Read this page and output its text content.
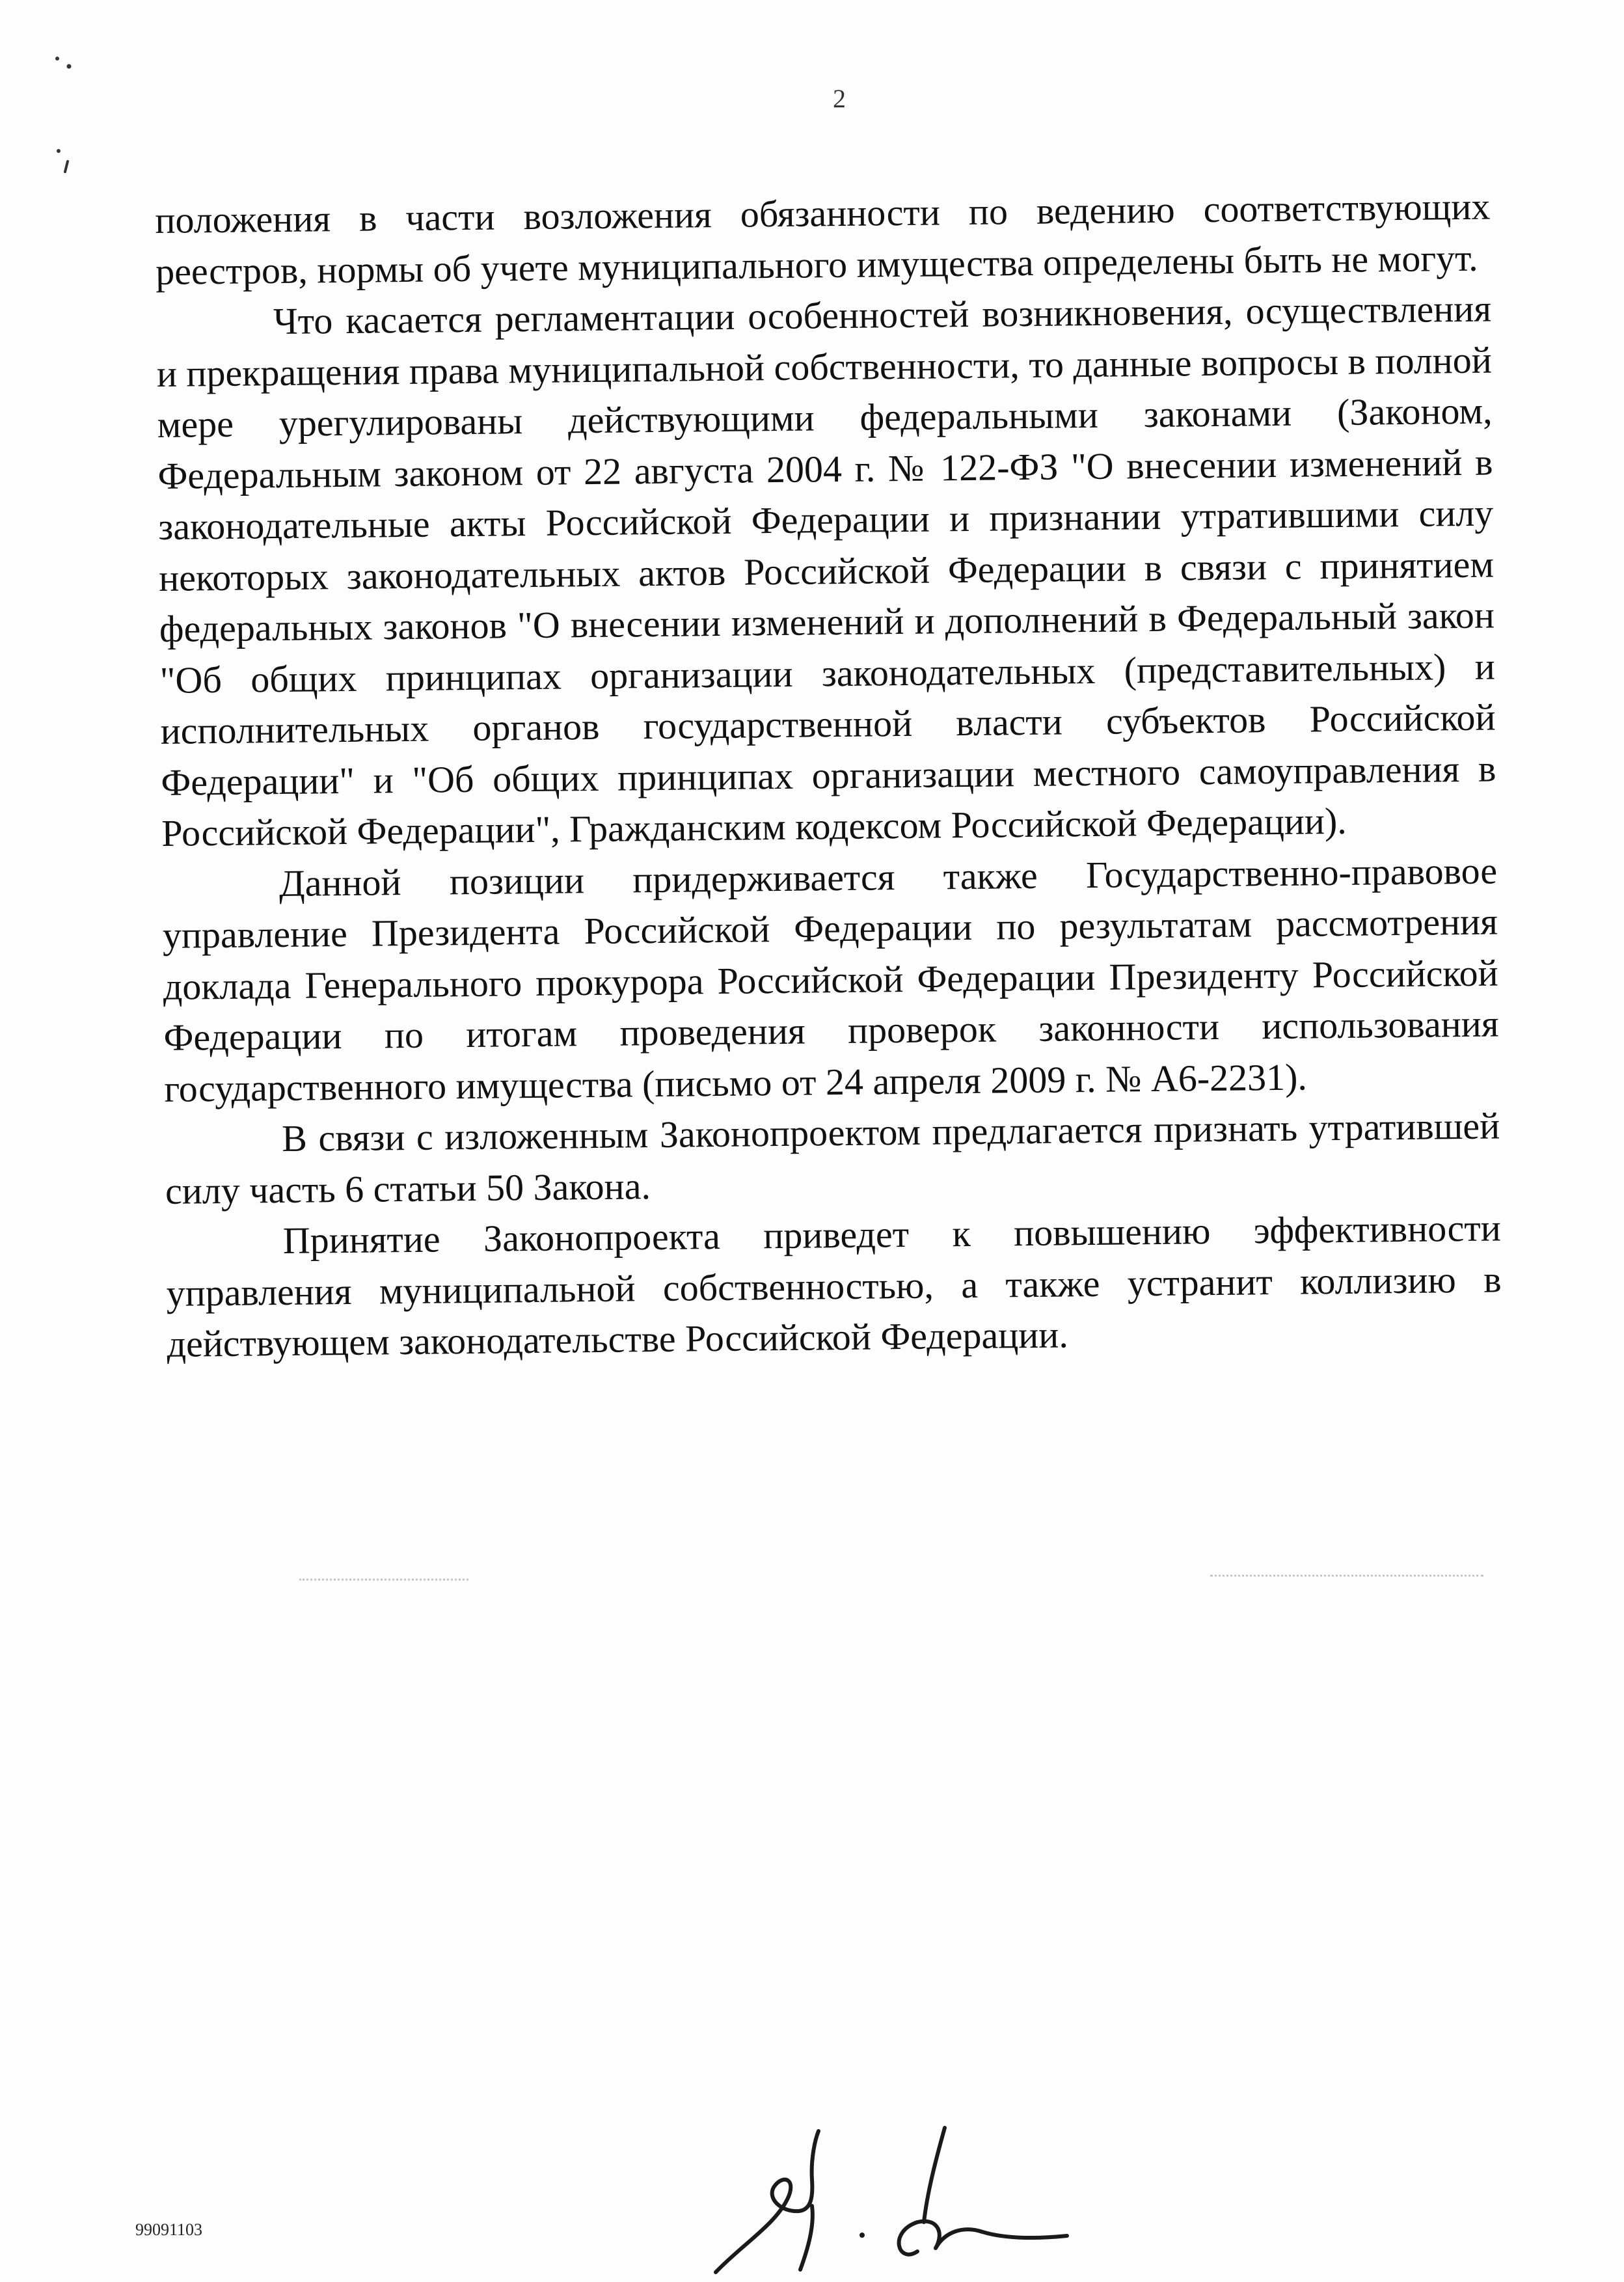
2

положения в части возложения обязанности по ведению соответствующих реестров, нормы об учете муниципального имущества определены быть не могут.

Что касается регламентации особенностей возникновения, осуществления и прекращения права муниципальной собственности, то данные вопросы в полной мере урегулированы действующими федеральными законами (Законом, Федеральным законом от 22 августа 2004 г. № 122-ФЗ "О внесении изменений в законодательные акты Российской Федерации и признании утратившими силу некоторых законодательных актов Российской Федерации в связи с принятием федеральных законов "О внесении изменений и дополнений в Федеральный закон "Об общих принципах организации законодательных (представительных) и исполнительных органов государственной власти субъектов Российской Федерации" и "Об общих принципах организации местного самоуправления в Российской Федерации", Гражданским кодексом Российской Федерации).

Данной позиции придерживается также Государственно-правовое управление Президента Российской Федерации по результатам рассмотрения доклада Генерального прокурора Российской Федерации Президенту Российской Федерации по итогам проведения проверок законности использования государственного имущества (письмо от 24 апреля 2009 г. № А6-2231).

В связи с изложенным Законопроектом предлагается признать утратившей силу часть 6 статьи 50 Закона.

Принятие Законопроекта приведет к повышению эффективности управления муниципальной собственностью, а также устранит коллизию в действующем законодательстве Российской Федерации.

99091103
